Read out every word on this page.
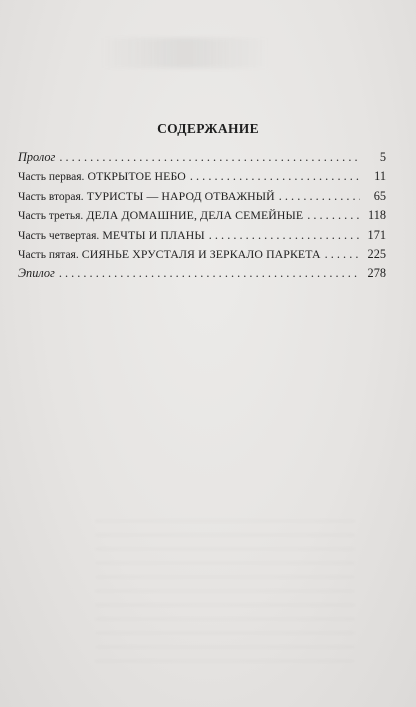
СОДЕРЖАНИЕ
Пролог . . .	5
Часть первая. ОТКРЫТОЕ НЕБО . . .	11
Часть вторая. ТУРИСТЫ — НАРОД ОТВАЖНЫЙ . . .	65
Часть третья. ДЕЛА ДОМАШНИЕ, ДЕЛА СЕМЕЙНЫЕ . . .	118
Часть четвертая. МЕЧТЫ И ПЛАНЫ . . .	171
Часть пятая. СИЯНЬЕ ХРУСТАЛЯ И ЗЕРКАЛО ПАРКЕТА . . .	225
Эпилог . . .	278
